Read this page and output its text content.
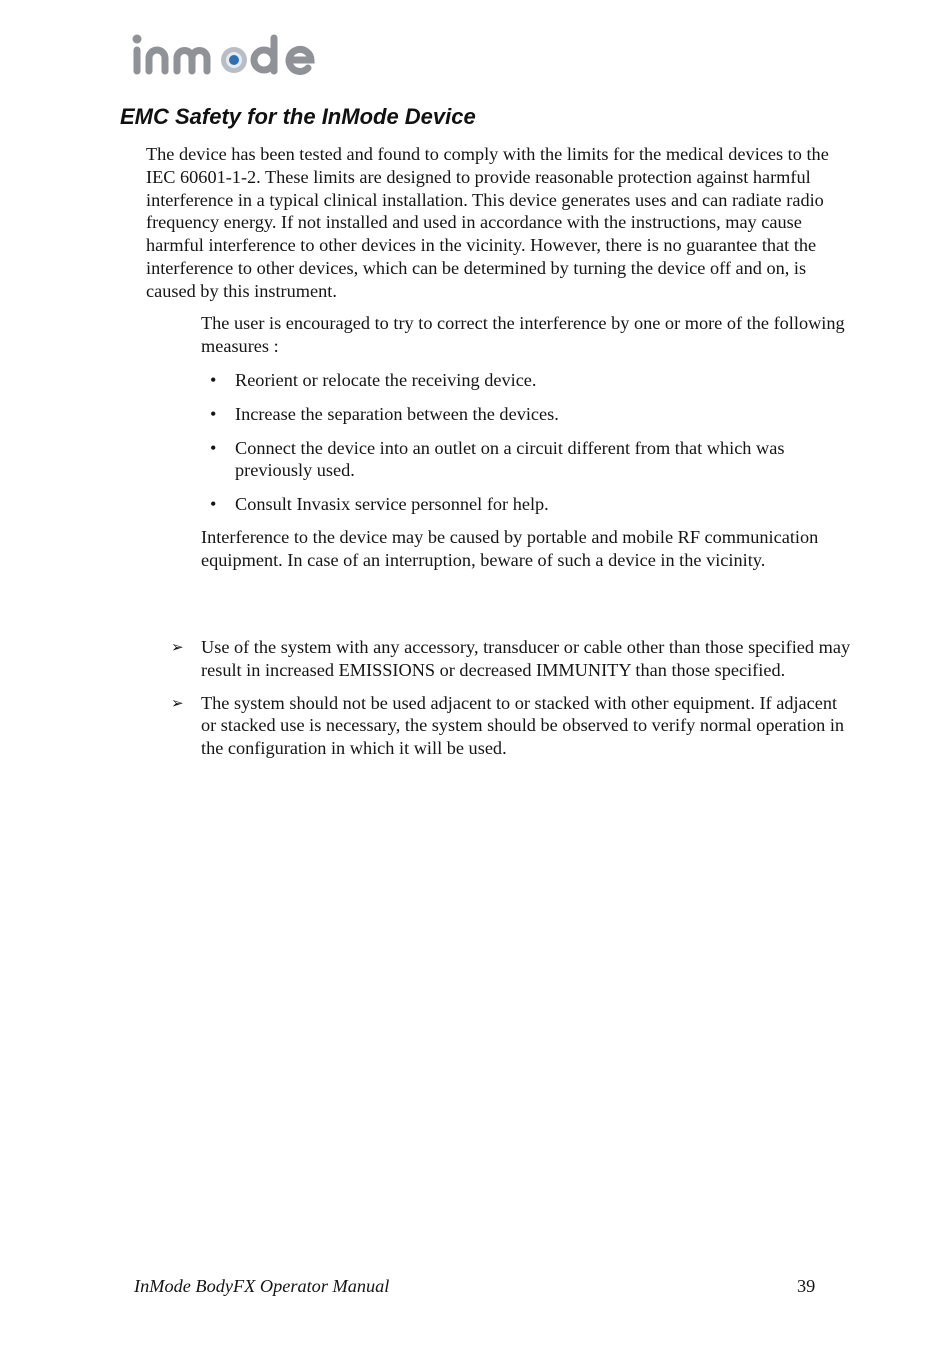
EMC Safety for the InMode Device

The device has been tested and found to comply with the limits for the medical devices to the IEC 60601-1-2. These limits are designed to provide reasonable protection against harmful interference in a typical clinical installation. This device generates uses and can radiate radio frequency energy. If not installed and used in accordance with the instructions, may cause harmful interference to other devices in the vicinity. However, there is no guarantee that the interference to other devices, which can be determined by turning the device off and on, is caused by this instrument.

The user is encouraged to try to correct the interference by one or more of the following measures :

• Reorient or relocate the receiving device.
• Increase the separation between the devices.
• Connect the device into an outlet on a circuit different from that which was previously used.
• Consult Invasix service personnel for help.

Interference to the device may be caused by portable and mobile RF communication equipment. In case of an interruption, beware of such a device in the vicinity.

➢ Use of the system with any accessory, transducer or cable other than those specified may result in increased EMISSIONS or decreased IMMUNITY than those specified.
➢ The system should not be used adjacent to or stacked with other equipment. If adjacent or stacked use is necessary, the system should be observed to verify normal operation in the configuration in which it will be used.
InMode BodyFX Operator Manual	39
